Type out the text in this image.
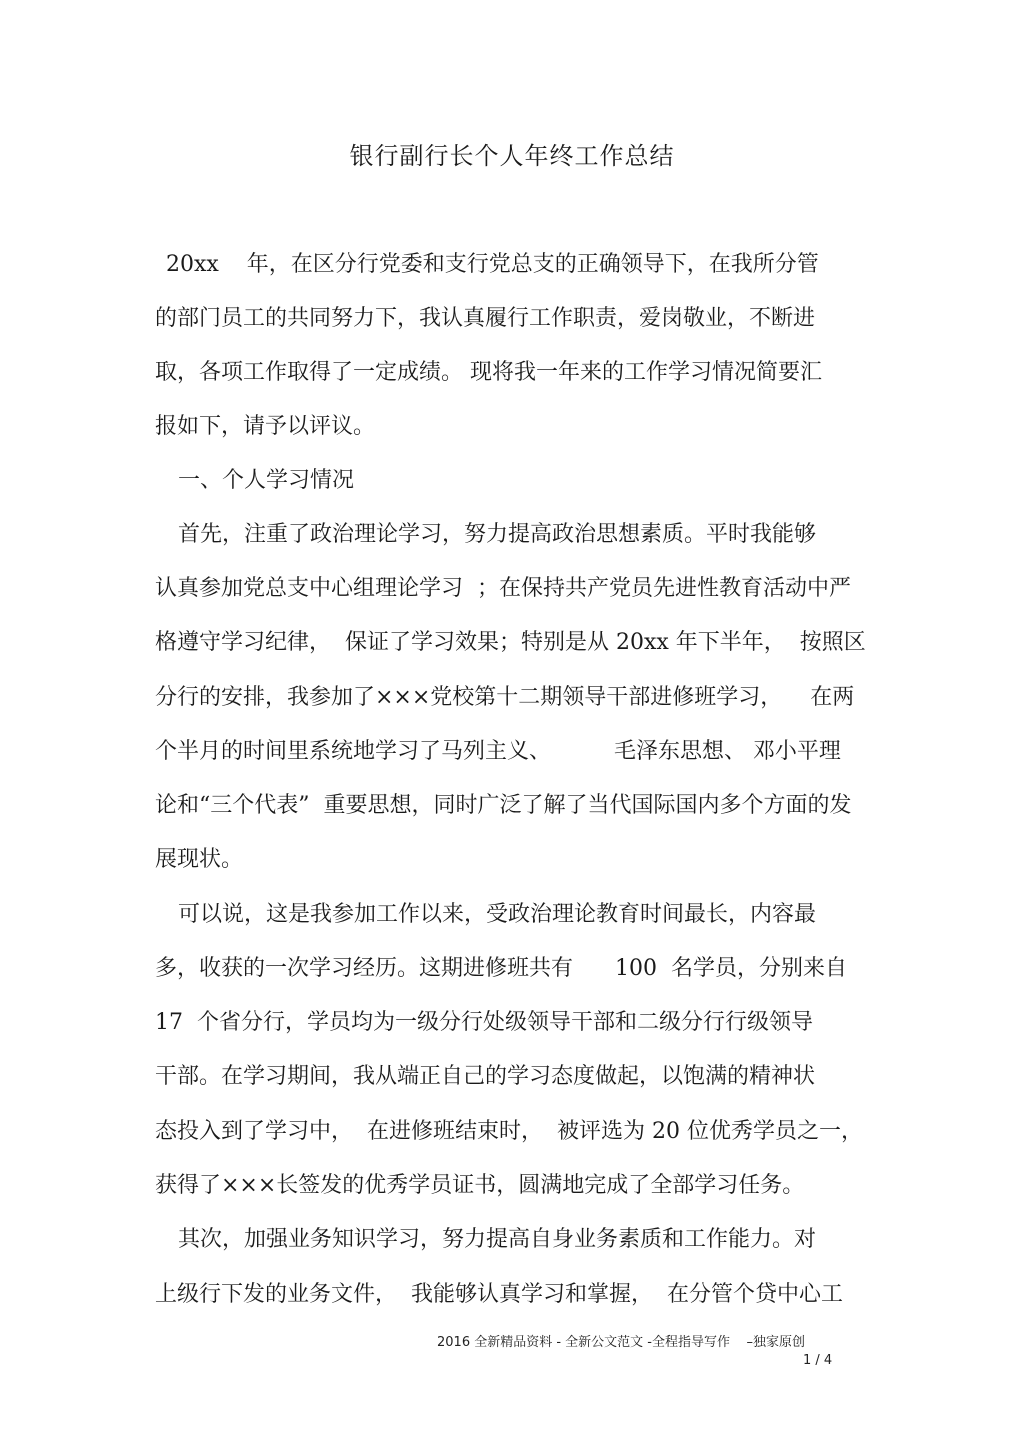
银行副行长个人年终工作总结
20xx    年，在区分行党委和支行党总支的正确领导下，在我所分管
的部门员工的共同努力下，我认真履行工作职责，爱岗敬业，不断进
取，各项工作取得了一定成绩。 现将我一年来的工作学习情况简要汇
报如下，请予以评议。
一、个人学习情况
首先，注重了政治理论学习，努力提高政治思想素质。平时我能够
认真参加党总支中心组理论学习  ；在保持共产党员先进性教育活动中严
格遵守学习纪律，  保证了学习效果；特别是从 20xx 年下半年，  按照区
分行的安排，我参加了×××党校第十二期领导干部进修班学习，    在两
个半月的时间里系统地学习了马列主义、         毛泽东思想、 邓小平理
论和“三个代表”  重要思想，同时广泛了解了当代国际国内多个方面的发
展现状。
可以说，这是我参加工作以来，受政治理论教育时间最长，内容最
多，收获的一次学习经历。这期进修班共有      100  名学员，分别来自
17  个省分行，学员均为一级分行处级领导干部和二级分行行级领导
干部。在学习期间，我从端正自己的学习态度做起，以饱满的精神状
态投入到了学习中，  在进修班结束时，  被评选为 20 位优秀学员之一，
获得了×××长签发的优秀学员证书，圆满地完成了全部学习任务。
其次，加强业务知识学习，努力提高自身业务素质和工作能力。对
上级行下发的业务文件，  我能够认真学习和掌握，  在分管个贷中心工
2016 全新精品资料 - 全新公文范文 -全程指导写作    –独家原创
1 / 4
